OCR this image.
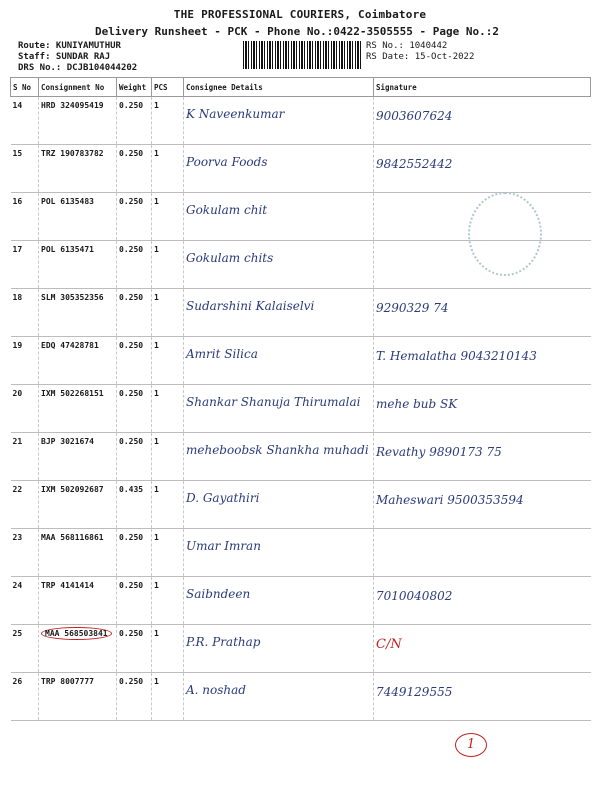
THE PROFESSIONAL COURIERS, Coimbatore
Delivery Runsheet - PCK - Phone No.:0422-3505555 - Page No.:2
Route: KUNIYAMUTHUR
Staff: SUNDAR RAJ
DRS No.: DCJB104044202
RS No.: 1040442
RS Date: 15-Oct-2022
S No	Consignment No	Weight	PCS	Consignee Details	Signature
14	HRD 324095419	0.250	1	K Naveenkumar	9003607624

15	TRZ 190783782	0.250	1	Poorva Foods	9842552442

16	POL 6135483	0.250	1	Gokulam chit	

17	POL 6135471	0.250	1	Gokulam chits	

18	SLM 305352356	0.250	1	Sudarshini Kalaiselvi	9290329 74

19	EDQ 47428781	0.250	1	Amrit Silica	T. Hemalatha 9043210143

20	IXM 502268151	0.250	1	Shankar Shanuja Thirumalai	mehe bub SK

21	BJP 3021674	0.250	1	meheboobsk Shankha muhadi	Revathy 9890173 75

22	IXM 502092687	0.435	1	D. Gayathiri	Maheswari 9500353594

23	MAA 568116861	0.250	1	Umar Imran	

24	TRP 4141414	0.250	1	Saibndeen	7010040802

25	MAA 568503841	0.250	1	P.R. Prathap	C/N

26	TRP 8007777	0.250	1	A. noshad	7449129555
1
